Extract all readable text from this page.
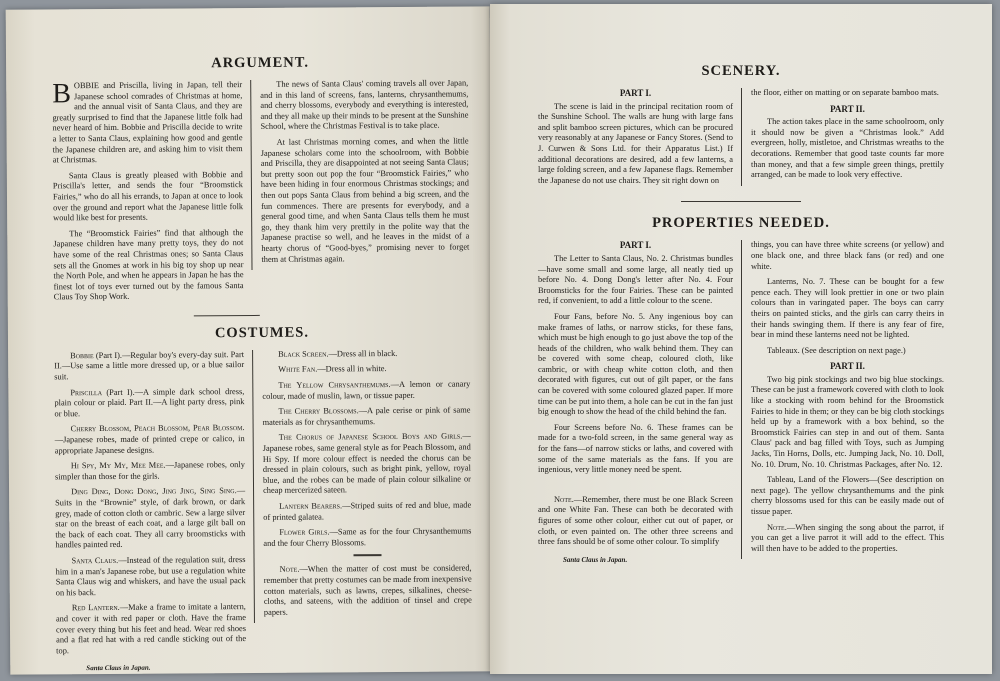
ARGUMENT.

BOBBIE and Priscilla, living in Japan, tell their Japanese school comrades of Christmas at home, and the annual visit of Santa Claus, and they are greatly surprised to find that the Japanese little folk had never heard of him. Bobbie and Priscilla decide to write a letter to Santa Claus, explaining how good and gentle the Japanese children are, and asking him to visit them at Christmas.

Santa Claus is greatly pleased with Bobbie and Priscilla's letter, and sends the four “Broomstick Fairies,” who do all his errands, to Japan at once to look over the ground and report what the Japanese little folk would like best for presents.

The “Broomstick Fairies” find that although the Japanese children have many pretty toys, they do not have some of the real Christmas ones; so Santa Claus sets all the Gnomes at work in his big toy shop up near the North Pole, and when he appears in Japan he has the finest lot of toys ever turned out by the famous Santa Claus Toy Shop Work.

The news of Santa Claus' coming travels all over Japan, and in this land of screens, fans, lanterns, chrysanthemums, and cherry blossoms, everybody and everything is interested, and they all make up their minds to be present at the Sunshine School, where the Christmas Festival is to take place.

At last Christmas morning comes, and when the little Japanese scholars come into the schoolroom, with Bobbie and Priscilla, they are disappointed at not seeing Santa Claus; but pretty soon out pop the four “Broomstick Fairies,” who have been hiding in four enormous Christmas stockings; and then out pops Santa Claus from behind a big screen, and the fun commences. There are presents for everybody, and a general good time, and when Santa Claus tells them he must go, they thank him very prettily in the polite way that the Japanese practise so well, and he leaves in the midst of a hearty chorus of “Good-byes,” promising never to forget them at Christmas again.

COSTUMES.

Bobbie (Part I).—Regular boy's every-day suit. Part II.—Use same a little more dressed up, or a blue sailor suit.

Priscilla (Part I).—A simple dark school dress, plain colour or plaid. Part II.—A light party dress, pink or blue.

Cherry Blossom, Peach Blossom, Pear Blossom.—Japanese robes, made of printed crepe or calico, in appropriate Japanese designs.

Hi Spy, My My, Mee Mee.—Japanese robes, only simpler than those for the girls.

Ding Ding, Dong Dong, Jing Jing, Sing Sing.—Suits in the “Brownie” style, of dark brown, or dark grey, made of cotton cloth or cambric. Sew a large silver star on the breast of each coat, and a large gilt ball on the back of each coat. They all carry broomsticks with handles painted red.

Santa Claus.—Instead of the regulation suit, dress him in a man's Japanese robe, but use a regulation white Santa Claus wig and whiskers, and have the usual pack on his back.

Red Lantern.—Make a frame to imitate a lantern, and cover it with red paper or cloth. Have the frame cover every thing but his feet and head. Wear red shoes and a flat red hat with a red candle sticking out of the top.

Santa Claus in Japan.

Black Screen.—Dress all in black.

White Fan.—Dress all in white.

The Yellow Chrysanthemums.—A lemon or canary colour, made of muslin, lawn, or tissue paper.

The Cherry Blossoms.—A pale cerise or pink of same materials as for chrysanthemums.

The Chorus of Japanese School Boys and Girls.—Japanese robes, same general style as for Peach Blossom, and Hi Spy. If more colour effect is needed the chorus can be dressed in plain colours, such as bright pink, yellow, royal blue, and the robes can be made of plain colour silkaline or cheap mercerized sateen.

Lantern Bearers.—Striped suits of red and blue, made of printed galatea.

Flower Girls.—Same as for the four Chrysanthemums and the four Cherry Blossoms.

Note.—When the matter of cost must be considered, remember that pretty costumes can be made from inexpensive cotton materials, such as lawns, crepes, silkalines, cheese-cloths, and sateens, with the addition of tinsel and crepe papers.

SCENERY.

PART I.

The scene is laid in the principal recitation room of the Sunshine School. The walls are hung with large fans and split bamboo screen pictures, which can be procured very reasonably at any Japanese or Fancy Stores. (Send to J. Curwen & Sons Ltd. for their Apparatus List.) If additional decorations are desired, add a few lanterns, a large folding screen, and a few Japanese flags. Remember the Japanese do not use chairs. They sit right down on

the floor, either on matting or on separate bamboo mats.

PART II.

The action takes place in the same schoolroom, only it should now be given a “Christmas look.” Add evergreen, holly, mistletoe, and Christmas wreaths to the decorations. Remember that good taste counts far more than money, and that a few simple green things, prettily arranged, can be made to look very effective.

PROPERTIES NEEDED.

PART I.

The Letter to Santa Claus, No. 2. Christmas bundles—have some small and some large, all neatly tied up before No. 4. Dong Dong's letter after No. 4. Four Broomsticks for the four Fairies. These can be painted red, if convenient, to add a little colour to the scene.

Four Fans, before No. 5. Any ingenious boy can make frames of laths, or narrow sticks, for these fans, which must be high enough to go just above the top of the heads of the children, who walk behind them. They can be covered with some cheap, coloured cloth, like cambric, or with cheap white cotton cloth, and then decorated with figures, cut out of gilt paper, or the fans can be covered with some coloured glazed paper. If more time can be put into them, a hole can be cut in the fan just big enough to show the head of the child behind the fan.

Four Screens before No. 6. These frames can be made for a two-fold screen, in the same general way as for the fans—of narrow sticks or laths, and covered with some of the same materials as the fans. If you are ingenious, very little money need be spent.

Note.—Remember, there must be one Black Screen and one White Fan. These can both be decorated with figures of some other colour, either cut out of paper, or cloth, or even painted on. The other three screens and three fans should be of some other colour. To simplify

Santa Claus in Japan.

things, you can have three white screens (or yellow) and one black one, and three black fans (or red) and one white.

Lanterns, No. 7. These can be bought for a few pence each. They will look prettier in one or two plain colours than in varingated paper. The boys can carry theirs on painted sticks, and the girls can carry theirs in their hands swinging them. If there is any fear of fire, bear in mind these lanterns need not be lighted.

Tableaux. (See description on next page.)

PART II.

Two big pink stockings and two big blue stockings. These can be just a framework covered with cloth to look like a stocking with room behind for the Broomstick Fairies to hide in them; or they can be big cloth stockings held up by a framework with a box behind, so the Broomstick Fairies can step in and out of them. Santa Claus' pack and bag filled with Toys, such as Jumping Jacks, Tin Horns, Dolls, etc. Jumping Jack, No. 10. Doll, No. 10. Drum, No. 10. Christmas Packages, after No. 12.

Tableau, Land of the Flowers—(See description on next page). The yellow chrysanthemums and the pink cherry blossoms used for this can be easily made out of tissue paper.

Note.—When singing the song about the parrot, if you can get a live parrot it will add to the effect. This will then have to be added to the properties.
